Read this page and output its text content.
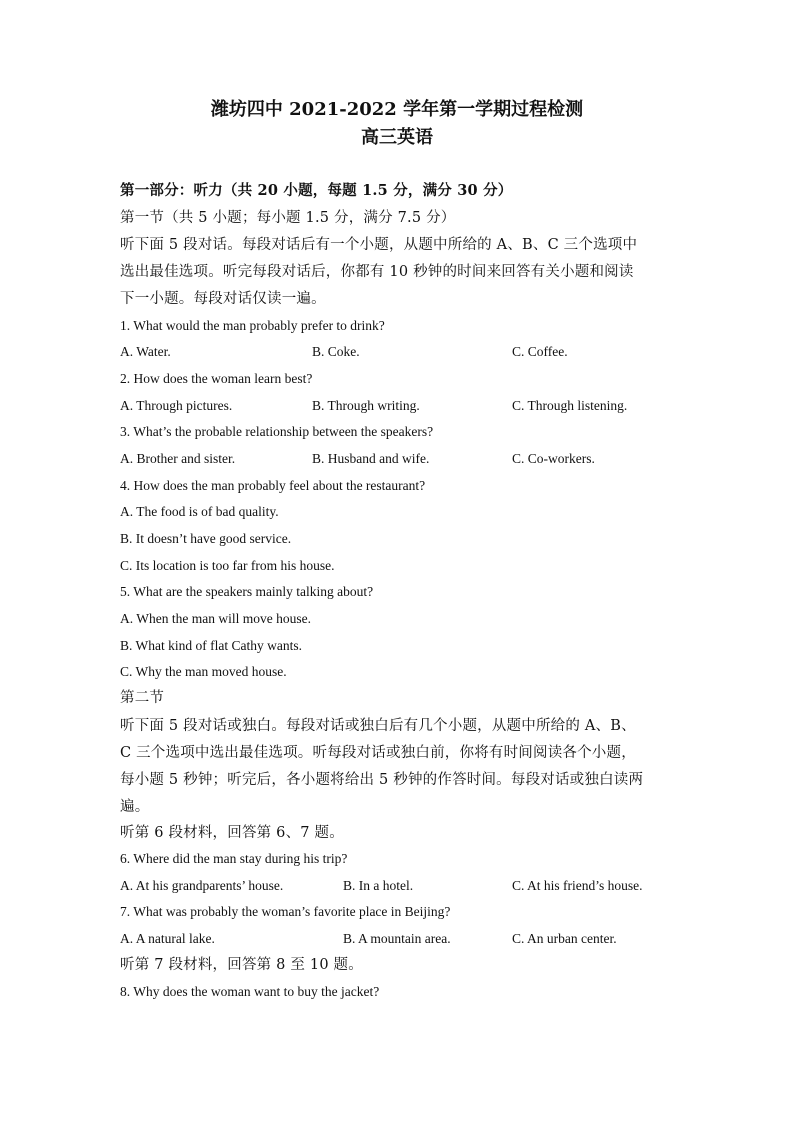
潍坊四中 2021-2022 学年第一学期过程检测
高三英语
第一部分：听力（共 20 小题，每题 1.5 分，满分 30 分）
第一节（共 5 小题；每小题 1.5 分，满分 7.5 分）
听下面 5 段对话。每段对话后有一个小题，从题中所给的 A、B、C 三个选项中
选出最佳选项。听完每段对话后，你都有 10 秒钟的时间来回答有关小题和阅读
下一小题。每段对话仅读一遍。
1. What would the man probably prefer to drink?
A. Water.	B. Coke.	C. Coffee.
2. How does the woman learn best?
A. Through pictures.	B. Through writing.	C. Through listening.
3. What’s the probable relationship between the speakers?
A. Brother and sister.	B. Husband and wife.	C. Co-workers.
4. How does the man probably feel about the restaurant?
A. The food is of bad quality.
B. It doesn’t have good service.
C. Its location is too far from his house.
5. What are the speakers mainly talking about?
A. When the man will move house.
B. What kind of flat Cathy wants.
C. Why the man moved house.
第二节
听下面 5 段对话或独白。每段对话或独白后有几个小题，从题中所给的 A、B、
C 三个选项中选出最佳选项。听每段对话或独白前，你将有时间阅读各个小题，
每小题 5 秒钟；听完后，各小题将给出 5 秒钟的作答时间。每段对话或独白读两
遍。
听第 6 段材料，回答第 6、7 题。
6. Where did the man stay during his trip?
A. At his grandparents’ house.	B. In a hotel.	C. At his friend’s house.
7. What was probably the woman’s favorite place in Beijing?
A. A natural lake.	B. A mountain area.	C. An urban center.
听第 7 段材料，回答第 8 至 10 题。
8. Why does the woman want to buy the jacket?
